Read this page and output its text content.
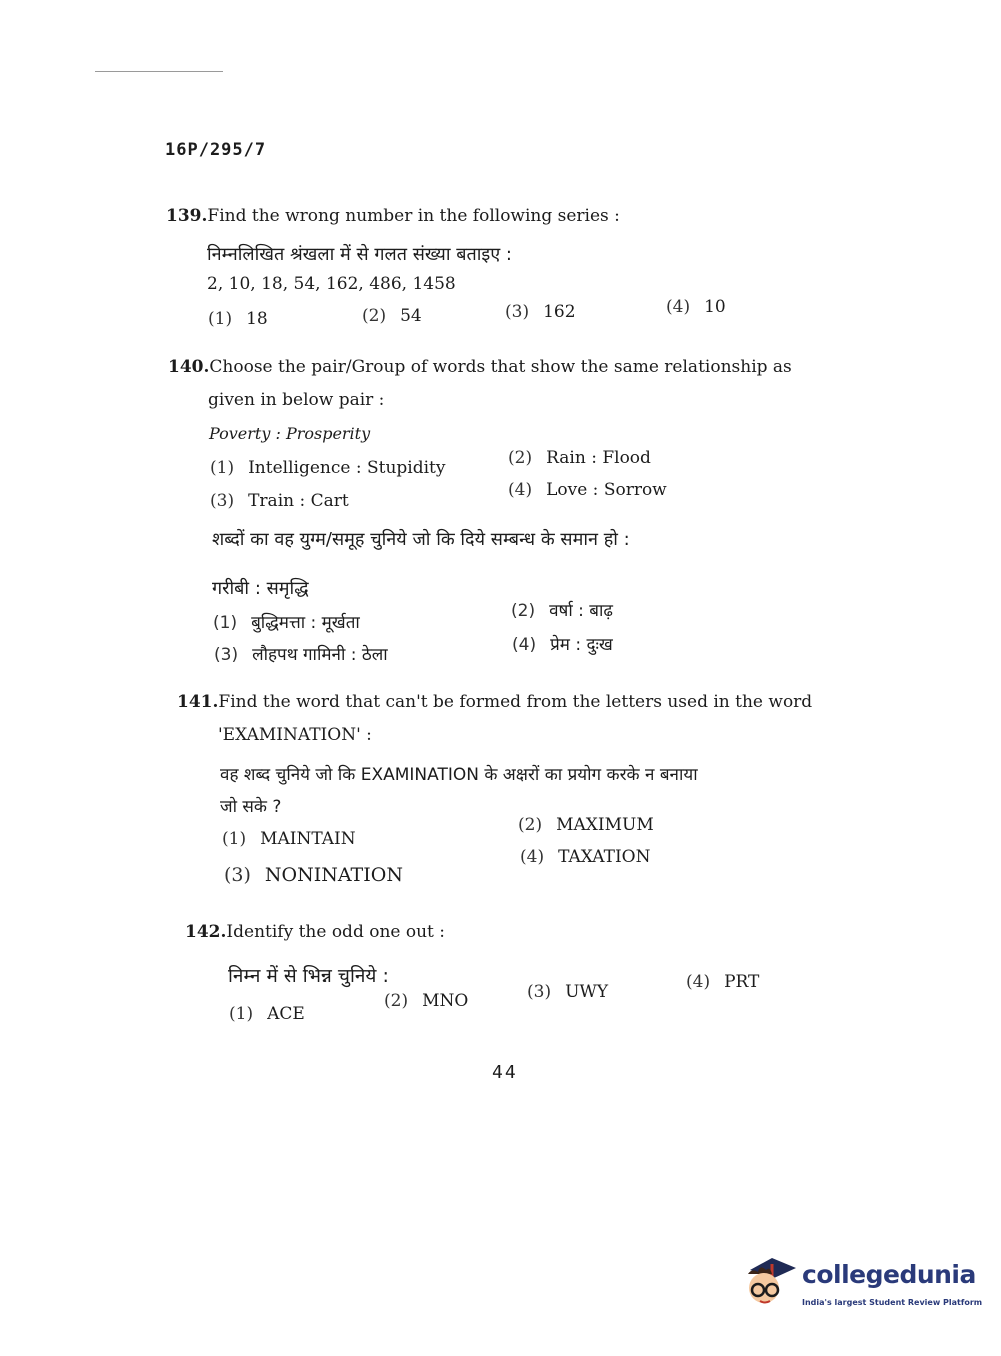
16P/295/7
139.Find the wrong number in the following series :
निम्नलिखित श्रंखला में से गलत संख्या बताइए :
2, 10, 18, 54, 162, 486, 1458
(1) 18	(2) 54	(3) 162	(4) 10
140.Choose the pair/Group of words that show the same relationship as
given in below pair :
Poverty : Prosperity
(1) Intelligence : Stupidity	(2) Rain : Flood
(3) Train : Cart
(4) Love : Sorrow
शब्दों का वह युग्म/समूह चुनिये जो कि दिये सम्बन्ध के समान हो :
गरीबी : समृद्धि
(1) बुद्धिमत्ता : मूर्खता
(2) वर्षा : बाढ़
(3) लौहपथ गामिनी : ठेला	(4) प्रेम : दुःख
141.Find the word that can't be formed from the letters used in the word
'EXAMINATION' :
वह शब्द चुनिये जो कि EXAMINATION के अक्षरों का प्रयोग करके न बनाया
जो सके ?
(1) MAINTAIN
(2) MAXIMUM
(3) NONINATION
(4) TAXATION
142.Identify the odd one out :
निम्न में से भिन्न चुनिये :
(1) ACE
(2) MNO	(3) UWY	(4) PRT
44
collegedunia
India's largest Student Review Platform
